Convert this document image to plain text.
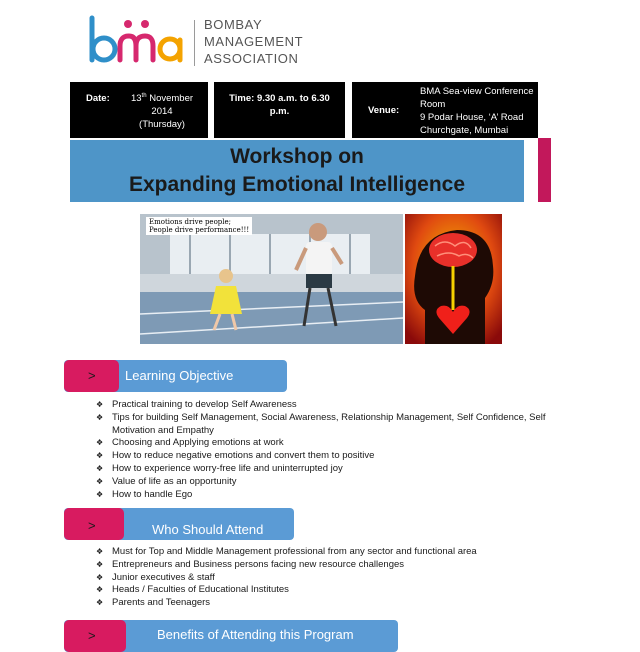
BOMBAY
MANAGEMENT
ASSOCIATION
Date:	13th November 2014
(Thursday)
Time: 9.30 a.m. to 6.30 p.m.	Venue:
BMA Sea-view Conference Room
9 Podar House, ‘A’ Road
Churchgate, Mumbai
Workshop on
Expanding Emotional Intelligence
Emotions drive people;
People drive performance!!!
> Learning Objective
❖ Practical training to develop Self Awareness
❖ Tips for building Self Management, Social Awareness, Relationship Management, Self Confidence, Self Motivation and Empathy
❖ Choosing and Applying emotions at work
❖ How to reduce negative emotions and convert them to positive
❖ How to experience worry-free life and uninterrupted joy
❖ Value of life as an opportunity
❖ How to handle Ego
>	Who Should Attend
❖ Must for Top and Middle Management professional from any sector and functional area
❖ Entrepreneurs and Business persons facing new resource challenges
❖ Junior executives & staff
❖ Heads / Faculties of Educational Institutes
❖ Parents and Teenagers
>	Benefits of Attending this Program
